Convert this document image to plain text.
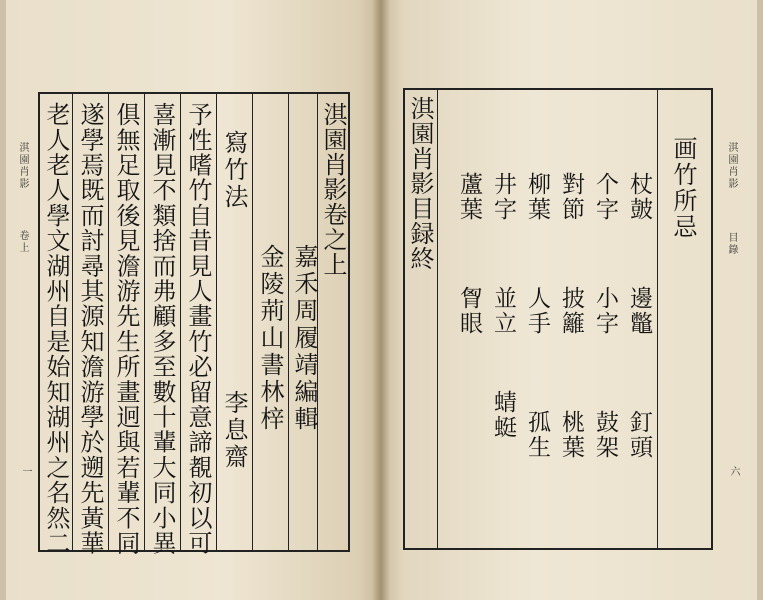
淇園肖影
卷上
一	予性嗜竹自昔見人畫竹必留意諦覩初以可
喜漸見不類捨而弗顧多至數十輩大同小異
俱無足取後見澹游先生所畫迥與若輩不同
遂學焉既而討尋其源知澹游學於遡先黃華
老人老人學文湖州自是始知湖州之名然二	寫竹法
李息齋 金陵荊山書林梓 嘉禾周履靖編輯
淇園肖影卷之上 淇園肖影目録終	画竹所忌
杖皷
邊鼈
釘頭
个字
小字
鼓架
對節
披籬
桃葉
柳葉
人手
孤生
井字
並立
蜻蜓
蘆葉
胷眼
淇園肖影
目錄
六
